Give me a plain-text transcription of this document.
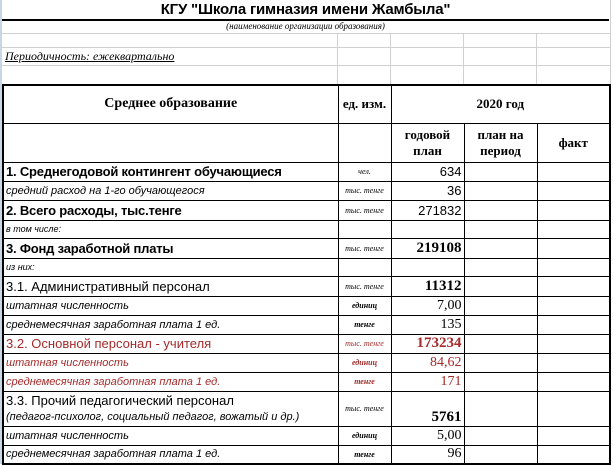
КГУ "Школа гимназия имени Жамбыла"
(наименование организации образования)
Периодичность: ежеквартально
Среднее образование	ед. изм.	2020 год		
		годовой план	план на период	факт
1. Среднегодовой контингент обучающиеся	чел.	634		
средний расход на 1-го обучающегося	тыс. тенге	36		
2. Всего расходы, тыс.тенге	тыс. тенге	271832		
в том числе:				
3. Фонд заработной платы	тыс. тенге	219108		
из них:				
3.1. Административный персонал	тыс. тенге	11312		
штатная численность	единиц	7,00		
среднемесячная заработная плата 1 ед.	тенге	135		
3.2. Основной персонал - учителя	тыс. тенге	173234		
штатная численность	единиц	84,62		
среднемесячная заработная плата 1 ед.	тенге	171		

3.3. Прочий педагогический персонал
(педагог-психолог, социальный педагог, вожатый и др.)	тыс. тенге	5761		
штатная численность	единиц	5,00		
среднемесячная заработная плата 1 ед.	тенге	96		
